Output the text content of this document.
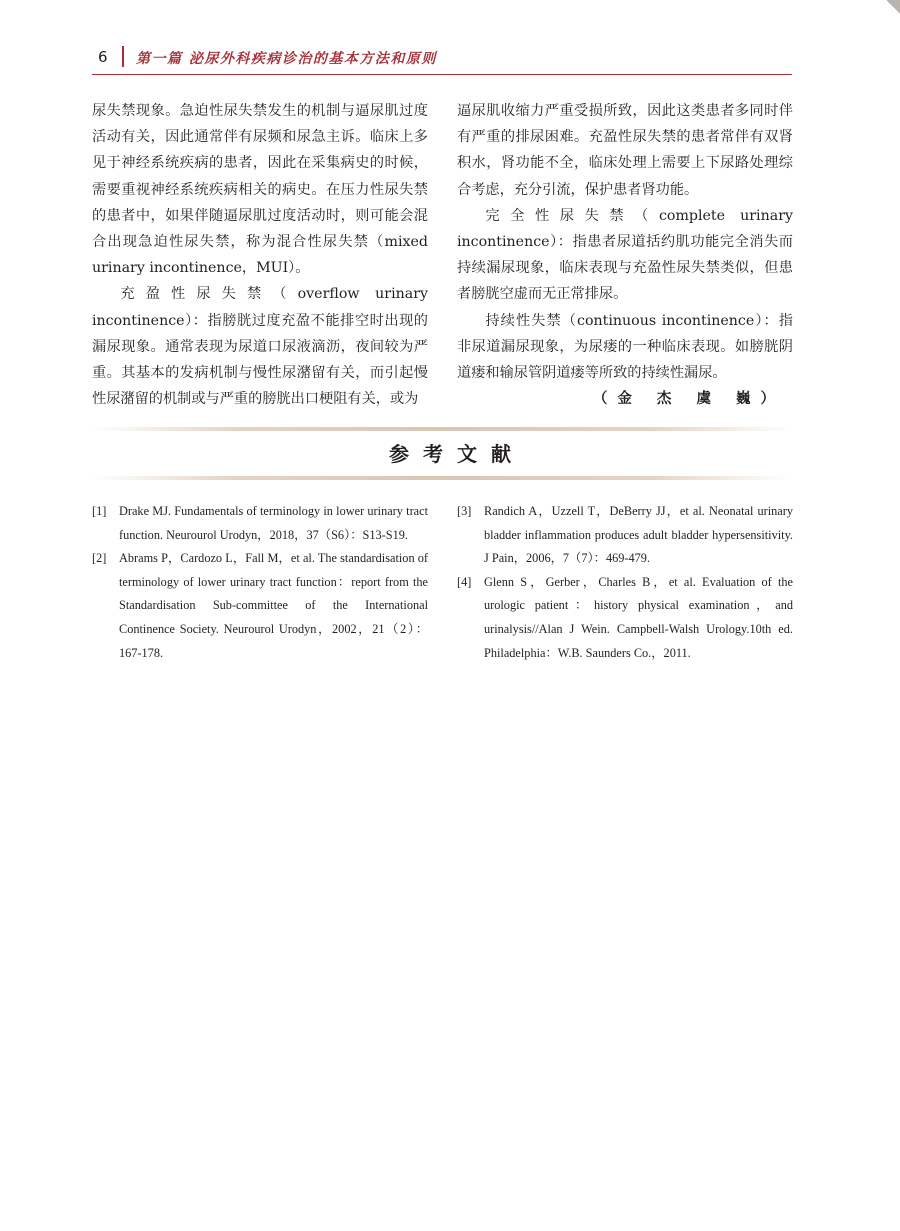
6 第一篇 泌尿外科疾病诊治的基本方法和原则

尿失禁现象。急迫性尿失禁发生的机制与逼尿肌过度活动有关，因此通常伴有尿频和尿急主诉。临床上多见于神经系统疾病的患者，因此在采集病史的时候，需要重视神经系统疾病相关的病史。在压力性尿失禁的患者中，如果伴随逼尿肌过度活动时，则可能会混合出现急迫性尿失禁，称为混合性尿失禁（mixed urinary incontinence，MUI）。

充盈性尿失禁（overflow urinary incontinence）：指膀胱过度充盈不能排空时出现的漏尿现象。通常表现为尿道口尿液滴沥，夜间较为严重。其基本的发病机制与慢性尿潴留有关，而引起慢性尿潴留的机制或与严重的膀胱出口梗阻有关，或为

逼尿肌收缩力严重受损所致，因此这类患者多同时伴有严重的排尿困难。充盈性尿失禁的患者常伴有双肾积水，肾功能不全，临床处理上需要上下尿路处理综合考虑，充分引流，保护患者肾功能。

完全性尿失禁（complete urinary incontinence）：指患者尿道括约肌功能完全消失而持续漏尿现象，临床表现与充盈性尿失禁类似，但患者膀胱空虚而无正常排尿。

持续性失禁（continuous incontinence）：指非尿道漏尿现象，为尿瘘的一种临床表现。如膀胱阴道瘘和输尿管阴道瘘等所致的持续性漏尿。

（金 杰 虞 巍）

参考文献
[1] Drake MJ. Fundamentals of terminology in lower urinary tract function. Neurourol Urodyn，2018，37（S6）：S13-S19.
[2] Abrams P，Cardozo L，Fall M，et al. The standardisation of terminology of lower urinary tract function：report from the Standardisation Sub-committee of the International Continence Society. Neurourol Urodyn，2002，21（2）：167-178.
[3] Randich A，Uzzell T，DeBerry JJ，et al. Neonatal urinary bladder inflammation produces adult bladder hypersensitivity. J Pain，2006，7（7）：469-479.
[4] Glenn S，Gerber，Charles B，et al. Evaluation of the urologic patient：history physical examination，and urinalysis//Alan J Wein. Campbell-Walsh Urology.10th ed. Philadelphia：W.B. Saunders Co.，2011.
